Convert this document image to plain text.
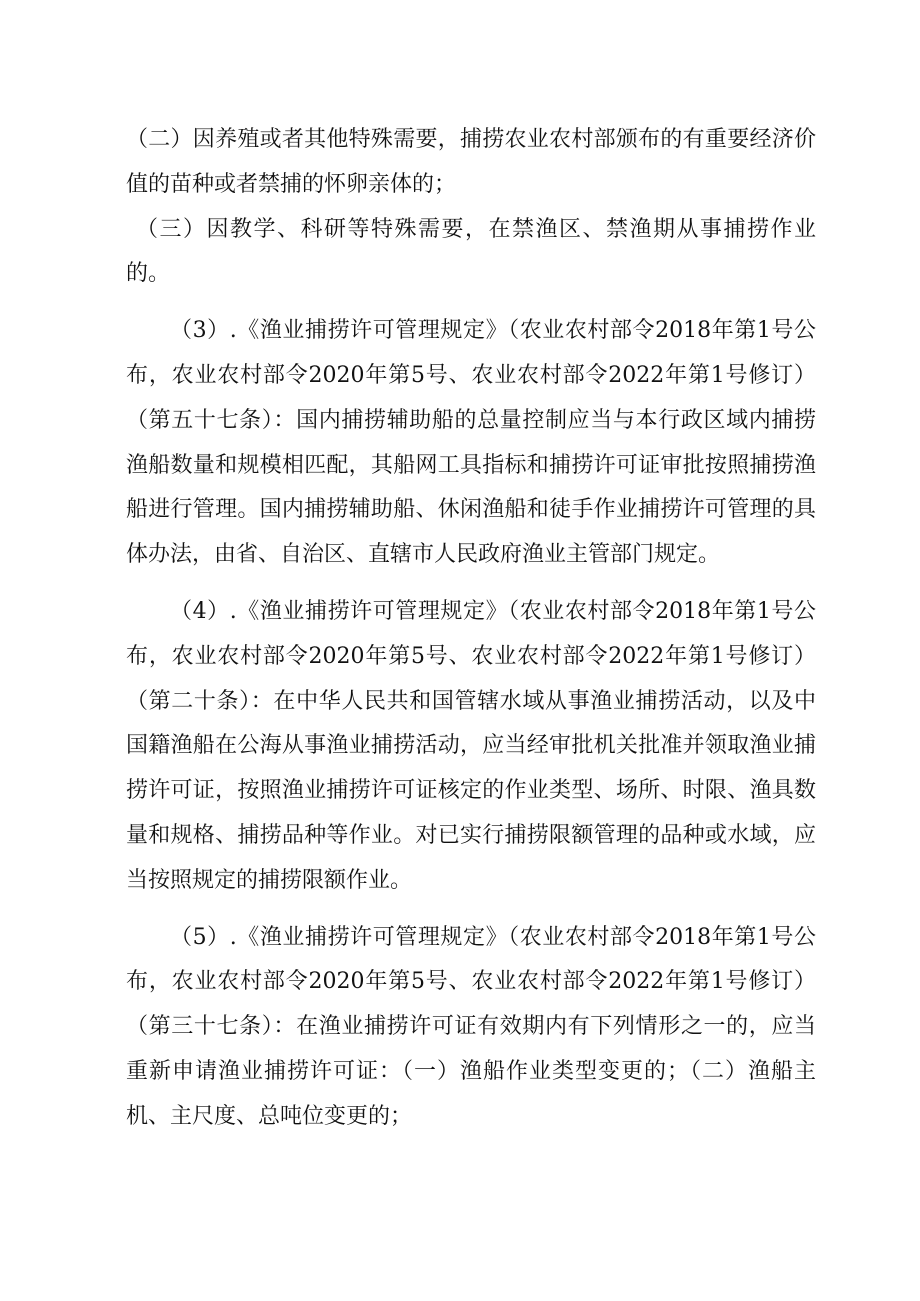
（二）因养殖或者其他特殊需要，捕捞农业农村部颁布的有重要经济价值的苗种或者禁捕的怀卵亲体的；

（三）因教学、科研等特殊需要，在禁渔区、禁渔期从事捕捞作业的。

（3）.《渔业捕捞许可管理规定》（农业农村部令2018年第1号公布，农业农村部令2020年第5号、农业农村部令2022年第1号修订）（第五十七条）：国内捕捞辅助船的总量控制应当与本行政区域内捕捞渔船数量和规模相匹配，其船网工具指标和捕捞许可证审批按照捕捞渔船进行管理。国内捕捞辅助船、休闲渔船和徒手作业捕捞许可管理的具体办法，由省、自治区、直辖市人民政府渔业主管部门规定。

（4）.《渔业捕捞许可管理规定》（农业农村部令2018年第1号公布，农业农村部令2020年第5号、农业农村部令2022年第1号修订）（第二十条）：在中华人民共和国管辖水域从事渔业捕捞活动，以及中国籍渔船在公海从事渔业捕捞活动，应当经审批机关批准并领取渔业捕捞许可证，按照渔业捕捞许可证核定的作业类型、场所、时限、渔具数量和规格、捕捞品种等作业。对已实行捕捞限额管理的品种或水域，应当按照规定的捕捞限额作业。

（5）.《渔业捕捞许可管理规定》（农业农村部令2018年第1号公布，农业农村部令2020年第5号、农业农村部令2022年第1号修订）（第三十七条）：在渔业捕捞许可证有效期内有下列情形之一的，应当重新申请渔业捕捞许可证：（一）渔船作业类型变更的；（二）渔船主机、主尺度、总吨位变更的；
